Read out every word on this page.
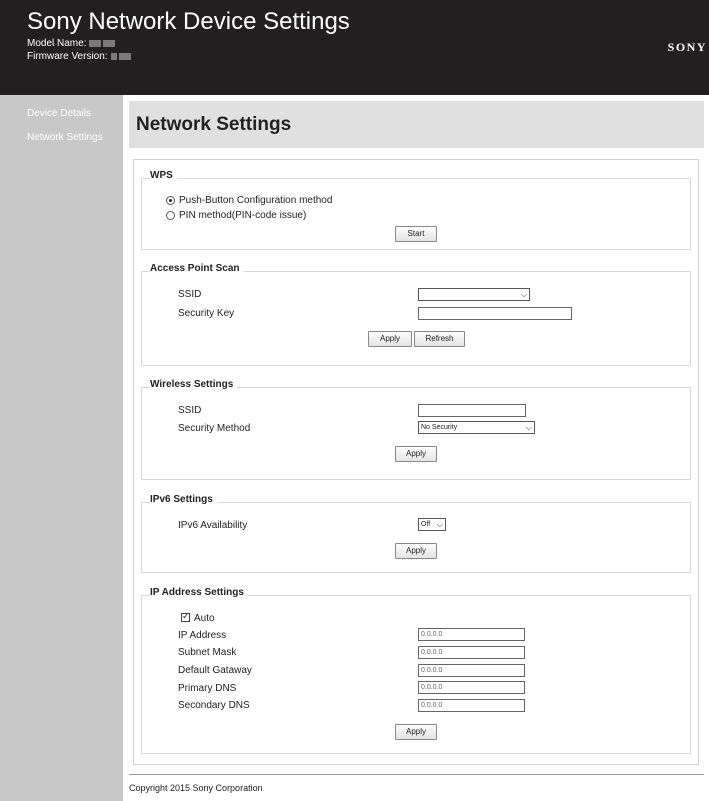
Sony Network Device Settings
Model Name:
Firmware Version:
SONY
Device Details
Network Settings
Network Settings
WPS
Push-Button Configuration method
PIN method(PIN-code issue)
Start
Access Point Scan
SSID	⌵
Security Key
Apply	Refresh
Wireless Settings
SSID
Security Method	No Security	⌵
Apply
IPv6 Settings
IPv6 Availability	Off ⌵
Apply
IP Address Settings
✓ Auto
IP Address	0.0.0.0
Subnet Mask	0.0.0.0
Default Gataway	0.0.0.0
Primary DNS	0.0.0.0
Secondary DNS	0.0.0.0
Apply
Copyright 2015 Sony Corporation
